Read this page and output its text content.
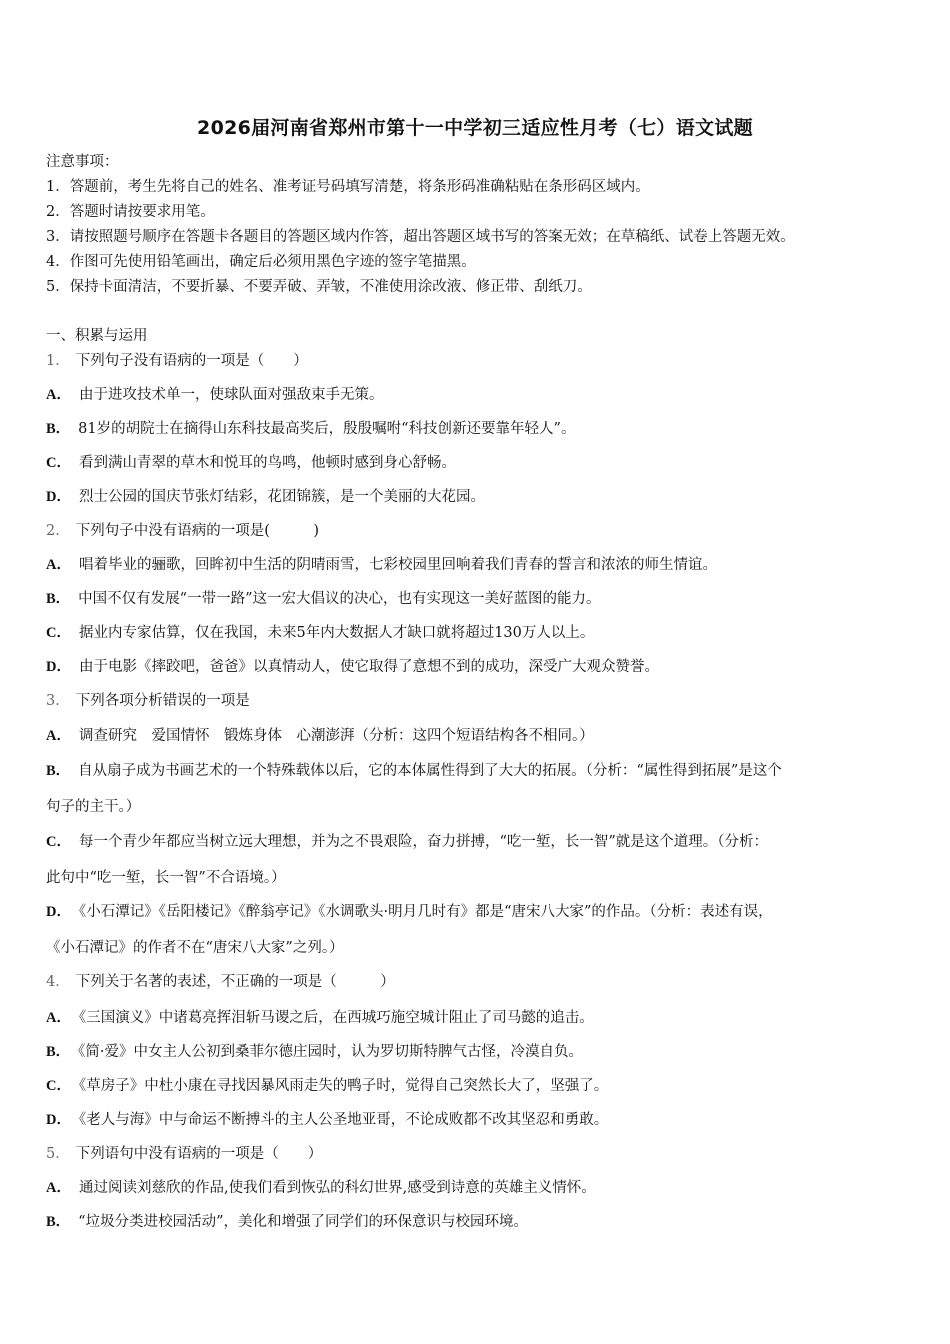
2026届河南省郑州市第十一中学初三适应性月考（七）语文试题
注意事项：
1．答题前，考生先将自己的姓名、准考证号码填写清楚，将条形码准确粘贴在条形码区域内。
2．答题时请按要求用笔。
3．请按照题号顺序在答题卡各题目的答题区域内作答，超出答题区域书写的答案无效；在草稿纸、试卷上答题无效。
4．作图可先使用铅笔画出，确定后必须用黑色字迹的签字笔描黑。
5．保持卡面清洁，不要折暴、不要弄破、弄皱，不准使用涂改液、修正带、刮纸刀。
一、积累与运用
1． 下列句子没有语病的一项是（　　）
A． 由于进攻技术单一，使球队面对强敌束手无策。
B． 81岁的胡院士在摘得山东科技最高奖后，殷殷嘱咐“科技创新还要靠年轻人”。
C． 看到满山青翠的草木和悦耳的鸟鸣，他顿时感到身心舒畅。
D． 烈士公园的国庆节张灯结彩，花团锦簇，是一个美丽的大花园。
2． 下列句子中没有语病的一项是(　　　)
A． 唱着毕业的骊歌，回眸初中生活的阴晴雨雪，七彩校园里回响着我们青春的誓言和浓浓的师生情谊。
B． 中国不仅有发展“一带一路”这一宏大倡议的决心，也有实现这一美好蓝图的能力。
C． 据业内专家估算，仅在我国，未来5年内大数据人才缺口就将超过130万人以上。
D． 由于电影《摔跤吧，爸爸》以真情动人，使它取得了意想不到的成功，深受广大观众赞誉。
3． 下列各项分析错误的一项是
A． 调查研究　爱国情怀　锻炼身体　心潮澎湃（分析：这四个短语结构各不相同。）
B． 自从扇子成为书画艺术的一个特殊载体以后，它的本体属性得到了大大的拓展。（分析：“属性得到拓展”是这个
句子的主干。）
C． 每一个青少年都应当树立远大理想，并为之不畏艰险，奋力拼搏，“吃一堑，长一智”就是这个道理。（分析：
此句中“吃一堑，长一智”不合语境。）
D． 《小石潭记》《岳阳楼记》《醉翁亭记》《水调歌头·明月几时有》都是“唐宋八大家”的作品。（分析：表述有误，
《小石潭记》的作者不在“唐宋八大家”之列。）
4． 下列关于名著的表述，不正确的一项是（　　　）
A． 《三国演义》中诸葛亮挥泪斩马谡之后，在西城巧施空城计阻止了司马懿的追击。
B． 《简·爱》中女主人公初到桑菲尔德庄园时，认为罗切斯特脾气古怪，冷漠自负。
C． 《草房子》中杜小康在寻找因暴风雨走失的鸭子时，觉得自己突然长大了，坚强了。
D． 《老人与海》中与命运不断搏斗的主人公圣地亚哥，不论成败都不改其坚忍和勇敢。
5． 下列语句中没有语病的一项是（　　）
A． 通过阅读刘慈欣的作品,使我们看到恢弘的科幻世界,感受到诗意的英雄主义情怀。
B． “垃圾分类进校园活动”，美化和增强了同学们的环保意识与校园环境。
